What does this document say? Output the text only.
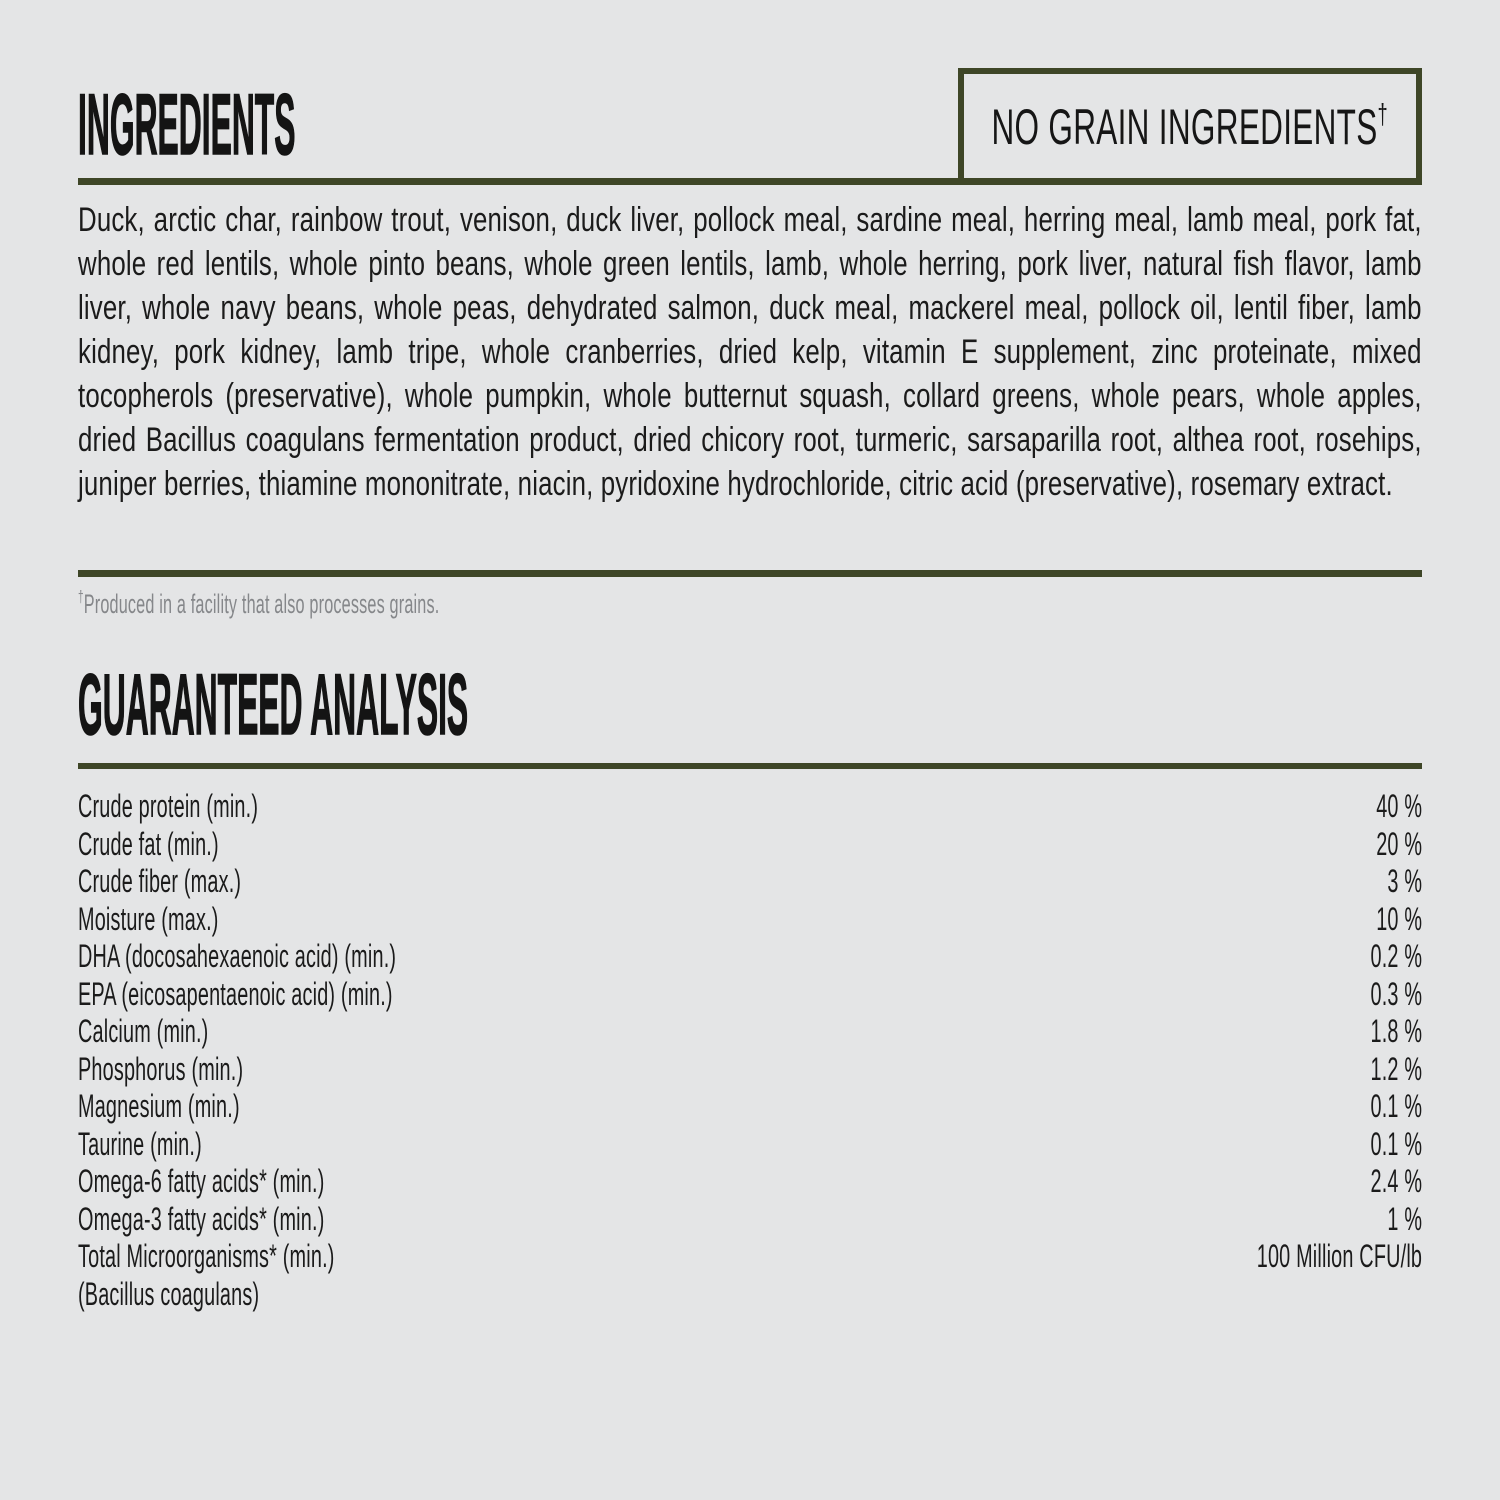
INGREDIENTS	NO GRAIN INGREDIENTS†

Duck, arctic char, rainbow trout, venison, duck liver, pollock meal, sardine meal, herring meal, lamb meal, pork fat, whole red lentils, whole pinto beans, whole green lentils, lamb, whole herring, pork liver, natural fish flavor, lamb liver, whole navy beans, whole peas, dehydrated salmon, duck meal, mackerel meal, pollock oil, lentil fiber, lamb kidney, pork kidney, lamb tripe, whole cranberries, dried kelp, vitamin E supplement, zinc proteinate, mixed tocopherols (preservative), whole pumpkin, whole butternut squash, collard greens, whole pears, whole apples, dried Bacillus coagulans fermentation product, dried chicory root, turmeric, sarsaparilla root, althea root, rosehips, juniper berries, thiamine mononitrate, niacin, pyridoxine hydrochloride, citric acid (preservative), rosemary extract.

†Produced in a facility that also processes grains.

GUARANTEED ANALYSIS
Crude protein (min.)	40 %
Crude fat (min.)	20 %
Crude fiber (max.)	3 %
Moisture (max.)	10 %
DHA (docosahexaenoic acid) (min.)	0.2 %
EPA (eicosapentaenoic acid) (min.)	0.3 %
Calcium (min.)	1.8 %
Phosphorus (min.)	1.2 %
Magnesium (min.)	0.1 %
Taurine (min.)	0.1 %
Omega-6 fatty acids* (min.)	2.4 %
Omega-3 fatty acids* (min.)	1 %
Total Microorganisms* (min.)	100 Million CFU/lb
(Bacillus coagulans)
